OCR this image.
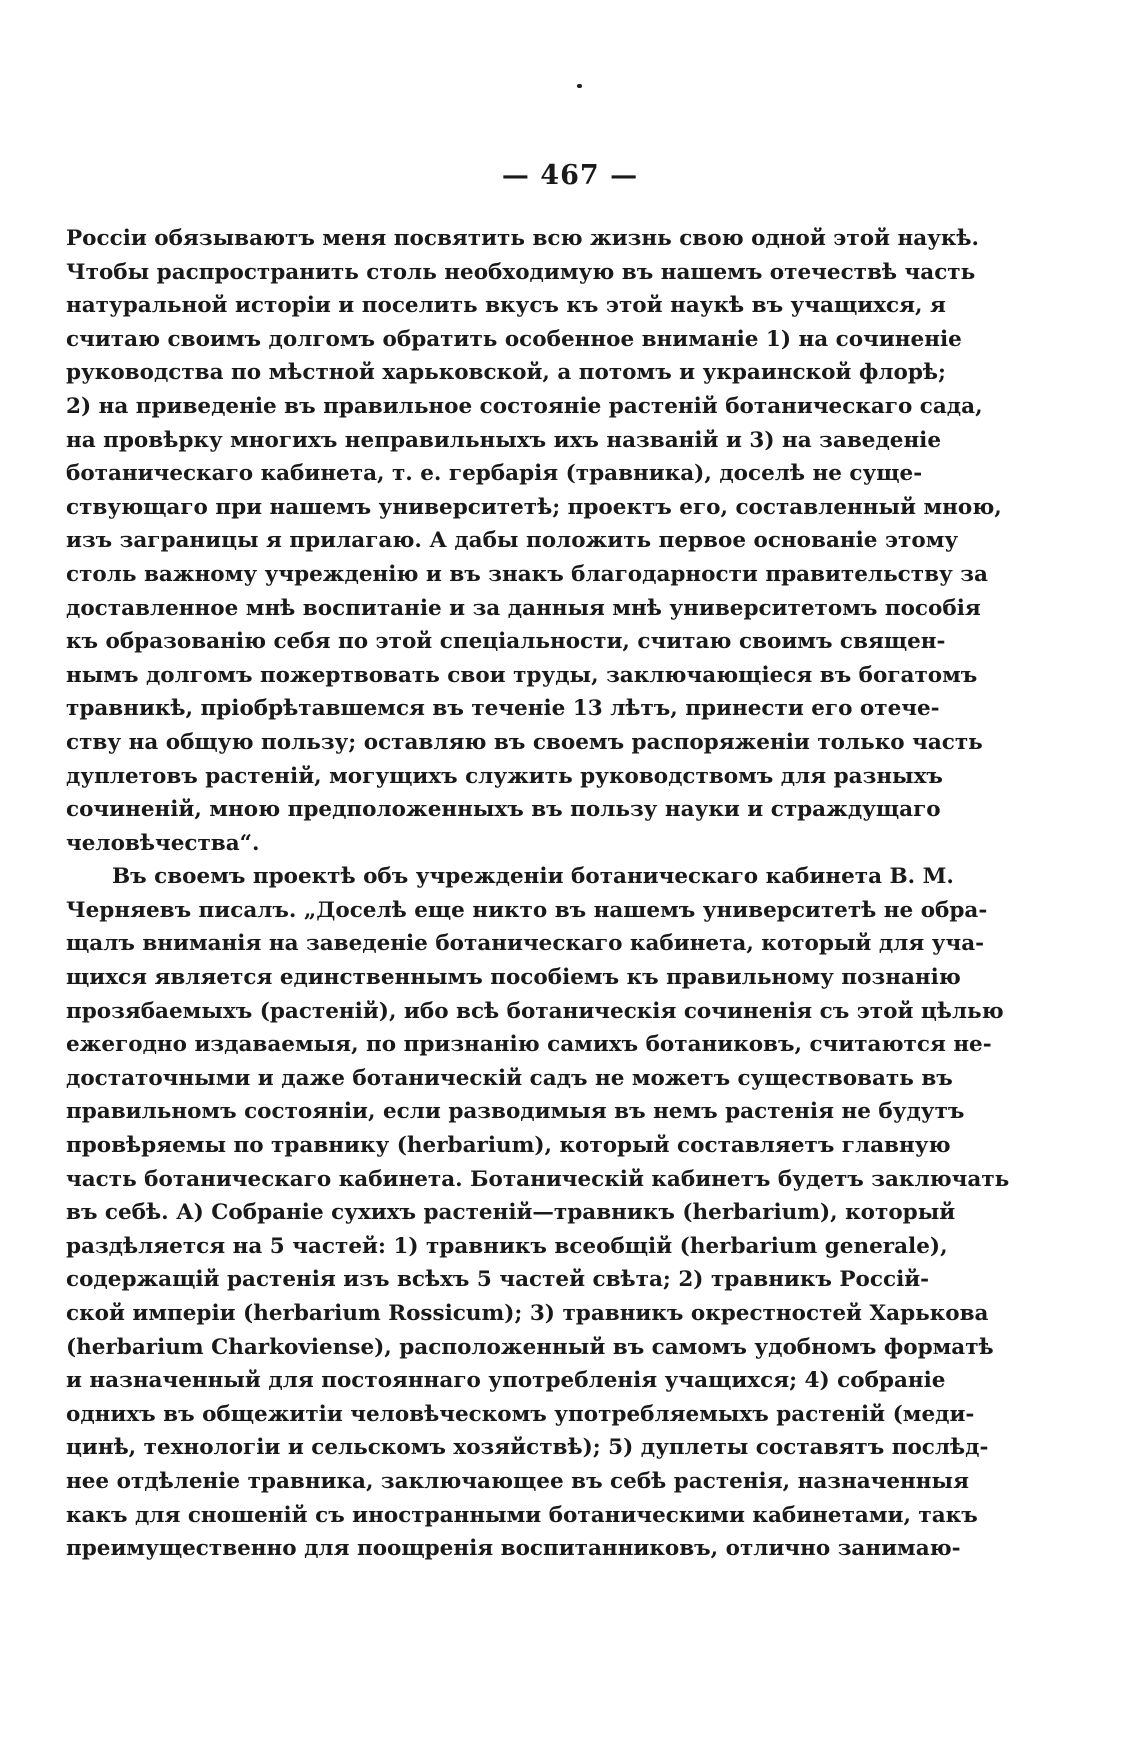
— 467 —
Россiи обязываютъ меня посвятить всю жизнь свою одной этой наукѣ.
Чтобы распространить столь необходимую въ нашемъ отечествѣ часть
натуральной исторiи и поселить вкусъ къ этой наукѣ въ учащихся, я
считаю своимъ долгомъ обратить особенное вниманiе 1) на сочиненiе
руководства по мѣстной харьковской, а потомъ и украинской флорѣ;
2) на приведенiе въ правильное состоянiе растенiй ботаническаго сада,
на провѣрку многихъ неправильныхъ ихъ названiй и 3) на заведенiе
ботаническаго кабинета, т. е. гербарiя (травника), доселѣ не суще-
ствующаго при нашемъ университетѣ; проектъ его, составленный мною,
изъ заграницы я прилагаю. А дабы положить первое основанiе этому
столь важному учрежденiю и въ знакъ благодарности правительству за
доставленное мнѣ воспитанiе и за данныя мнѣ университетомъ пособiя
къ образованiю себя по этой спецiальности, считаю своимъ священ-
нымъ долгомъ пожертвовать свои труды, заключающiеся въ богатомъ
травникѣ, прiобрѣтавшемся въ теченiе 13 лѣтъ, принести его отече-
ству на общую пользу; оставляю въ своемъ распоряженiи только часть
дуплетовъ растенiй, могущихъ служить руководствомъ для разныхъ
сочиненiй, мною предположенныхъ въ пользу науки и страждущаго
человѣчества“.
Въ своемъ проектѣ объ учрежденiи ботаническаго кабинета В. М.
Черняевъ писалъ. „Доселѣ еще никто въ нашемъ университетѣ не обра-
щалъ вниманiя на заведенiе ботаническаго кабинета, который для уча-
щихся является единственнымъ пособiемъ къ правильному познанiю
прозябаемыхъ (растенiй), ибо всѣ ботаническiя сочиненiя съ этой цѣлью
ежегодно издаваемыя, по признанiю самихъ ботаниковъ, считаются не-
достаточными и даже ботаническiй садъ не можетъ существовать въ
правильномъ состоянiи, если разводимыя въ немъ растенiя не будутъ
провѣряемы по травнику (herbarium), который составляетъ главную
часть ботаническаго кабинета. Ботаническiй кабинетъ будетъ заключать
въ себѣ. А) Собранiе сухихъ растенiй—травникъ (herbarium), который
раздѣляется на 5 частей: 1) травникъ всеобщiй (herbarium generale),
содержащiй растенiя изъ всѣхъ 5 частей свѣта; 2) травникъ Россiй-
ской имперiи (herbarium Rossicum); 3) травникъ окрестностей Харькова
(herbarium Charkoviense), расположенный въ самомъ удобномъ форматѣ
и назначенный для постояннаго употребленiя учащихся; 4) собранiе
однихъ въ общежитiи человѣческомъ употребляемыхъ растенiй (меди-
цинѣ, технологiи и сельскомъ хозяйствѣ); 5) дуплеты составятъ послѣд-
нее отдѣленiе травника, заключающее въ себѣ растенiя, назначенныя
какъ для сношенiй съ иностранными ботаническими кабинетами, такъ
преимущественно для поощренiя воспитанниковъ, отлично занимаю-
